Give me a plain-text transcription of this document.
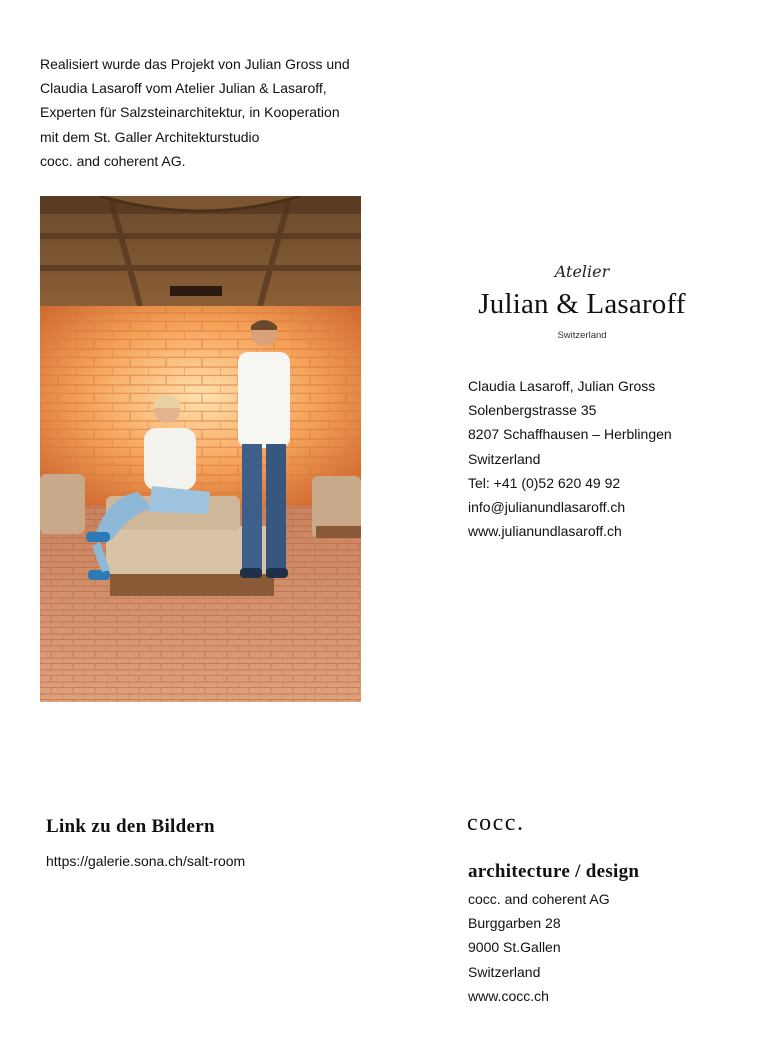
Realisiert wurde das Projekt von Julian Gross und
Claudia Lasaroff vom Atelier Julian & Lasaroff,
Experten für Salzsteinarchitektur, in Kooperation
mit dem St. Galler Architekturstudio
cocc. and coherent AG.
Atelier
Julian & Lasaroff
Switzerland
Claudia Lasaroff, Julian Gross
Solenbergstrasse 35
8207 Schaffhausen – Herblingen
Switzerland
Tel: +41 (0)52 620 49 92
info@julianundlasaroff.ch
www.julianundlasaroff.ch
Link zu den Bildern
https://galerie.sona.ch/salt-room
cocc.
architecture / design
cocc. and coherent AG
Burggarben 28
9000 St.Gallen
Switzerland
www.cocc.ch
